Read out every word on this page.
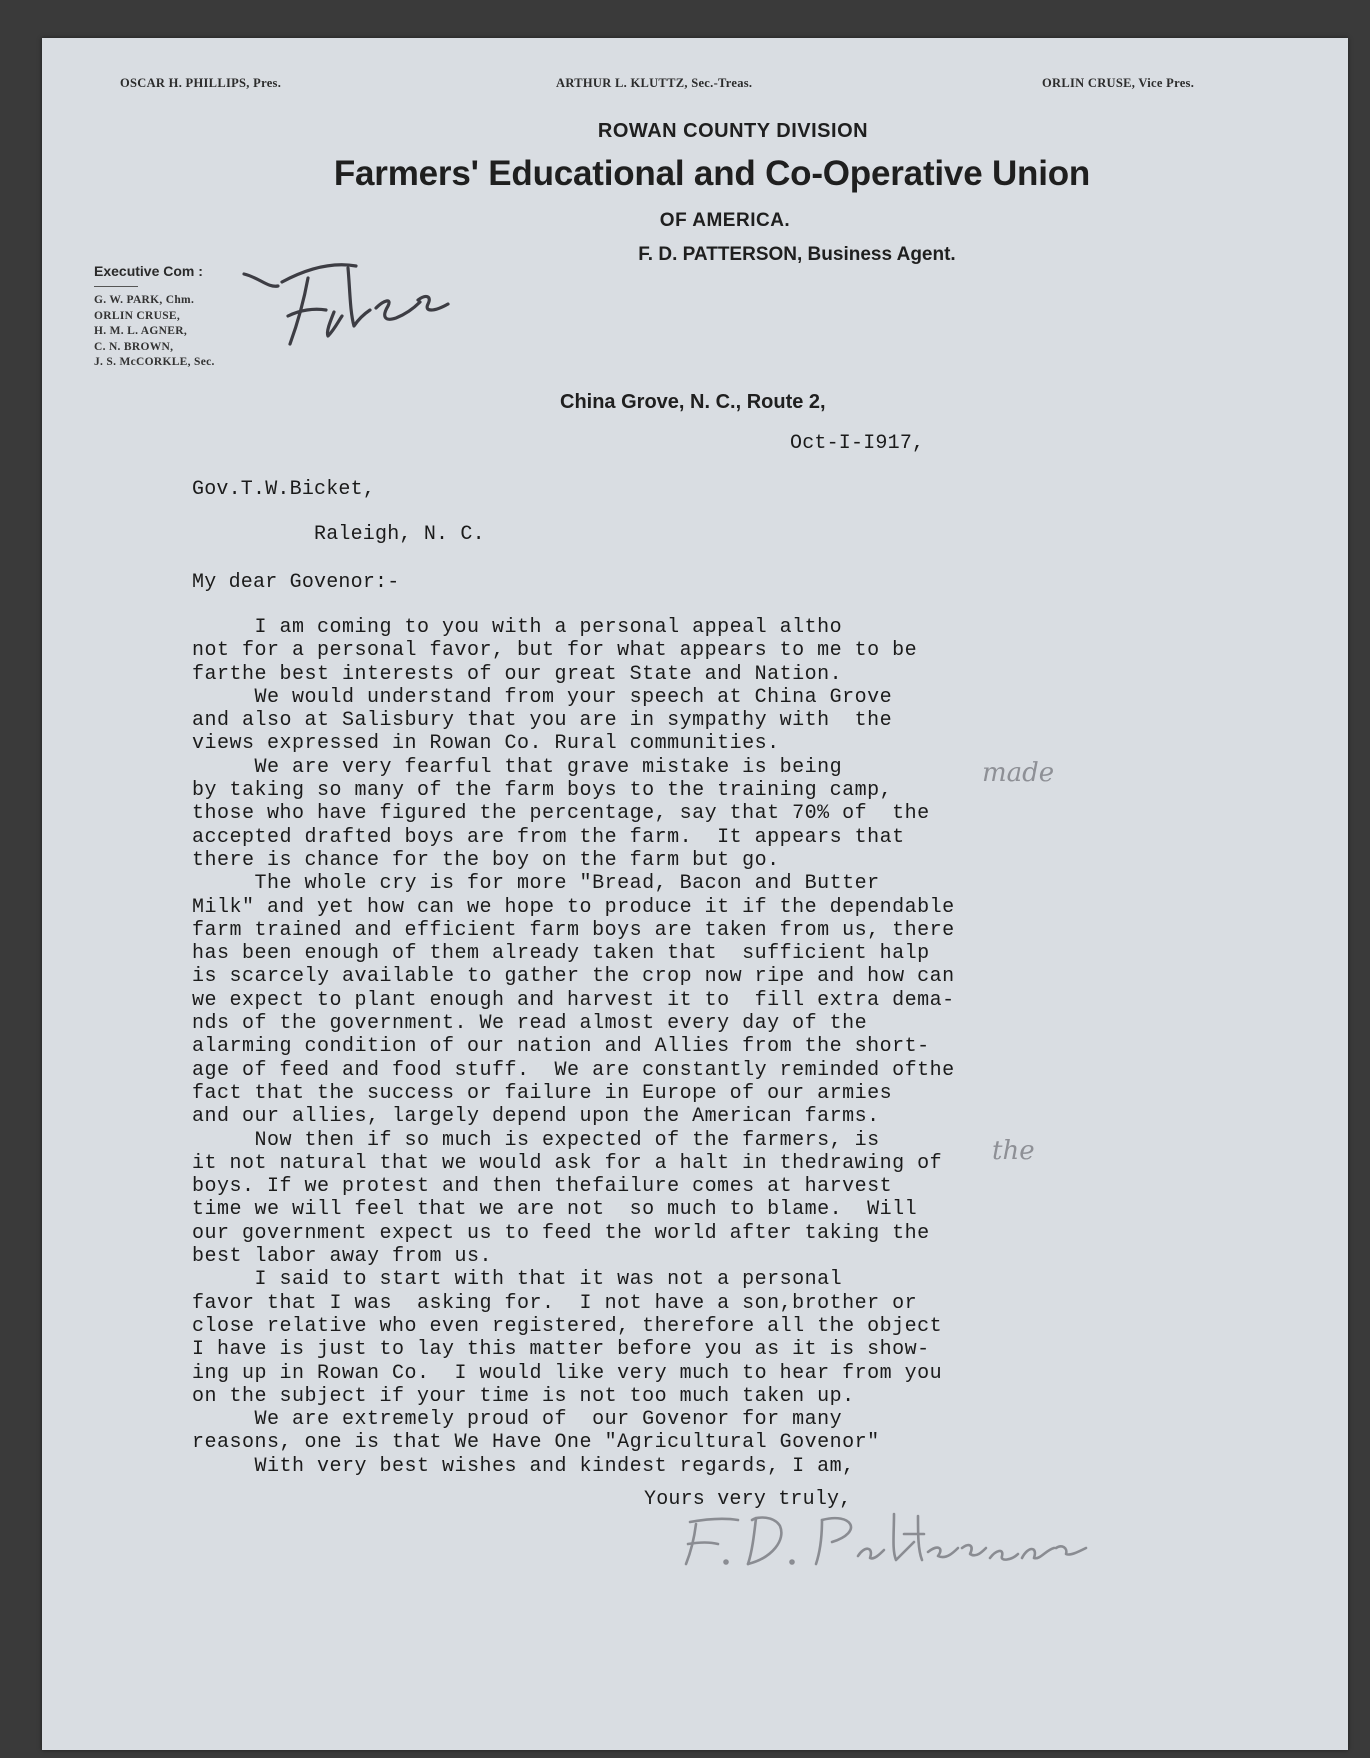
OSCAR H. PHILLIPS, Pres.	ARTHUR L. KLUTTZ, Sec.-Treas.	ORLIN CRUSE, Vice Pres.
ROWAN COUNTY DIVISION
Farmers' Educational and Co-Operative Union
OF AMERICA.
F. D. PATTERSON, Business Agent.
Executive Com :
G. W. PARK, Chm.
ORLIN CRUSE,
H. M. L. AGNER,
C. N. BROWN,
J. S. McCORKLE, Sec.
China Grove, N. C., Route 2,
Oct-I-I917,
Gov.T.W.Bicket,
Raleigh, N. C.
My dear Govenor:-
I am coming to you with a personal appeal altho
not for a personal favor, but for what appears to me to be
farthe best interests of our great State and Nation.
We would understand from your speech at China Grove
and also at Salisbury that you are in sympathy with  the
views expressed in Rowan Co. Rural communities.
We are very fearful that grave mistake is being
by taking so many of the farm boys to the training camp,
those who have figured the percentage, say that 70% of  the
accepted drafted boys are from the farm.  It appears that
there is chance for the boy on the farm but go.
The whole cry is for more "Bread, Bacon and Butter
Milk" and yet how can we hope to produce it if the dependable
farm trained and efficient farm boys are taken from us, there
has been enough of them already taken that  sufficient halp
is scarcely available to gather the crop now ripe and how can
we expect to plant enough and harvest it to  fill extra dema-
nds of the government. We read almost every day of the
alarming condition of our nation and Allies from the short-
age of feed and food stuff.  We are constantly reminded ofthe
fact that the success or failure in Europe of our armies
and our allies, largely depend upon the American farms.
Now then if so much is expected of the farmers, is
it not natural that we would ask for a halt in thedrawing of
boys. If we protest and then thefailure comes at harvest
time we will feel that we are not  so much to blame.  Will
our government expect us to feed the world after taking the
best labor away from us.
I said to start with that it was not a personal
favor that I was  asking for.  I not have a son,brother or
close relative who even registered, therefore all the object
I have is just to lay this matter before you as it is show-
ing up in Rowan Co.  I would like very much to hear from you
on the subject if your time is not too much taken up.
We are extremely proud of  our Govenor for many
reasons, one is that We Have One "Agricultural Govenor"
With very best wishes and kindest regards, I am,
made
the
Yours very truly,
